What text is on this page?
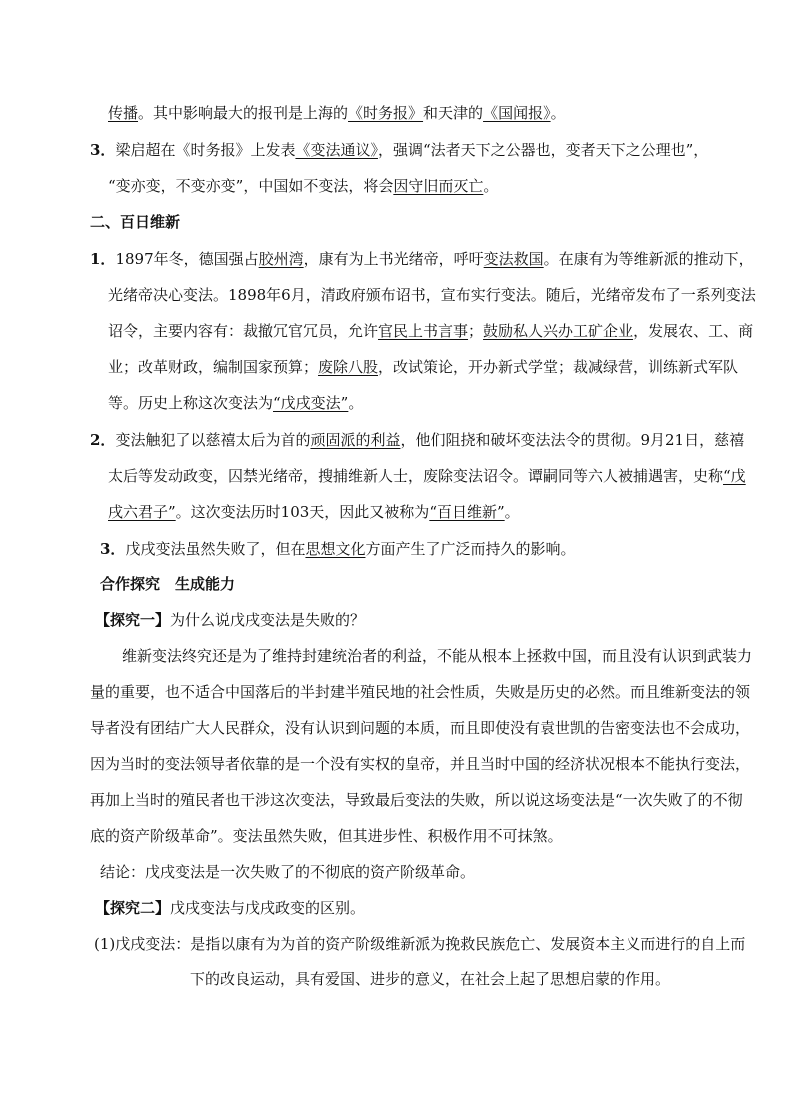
传播。其中影响最大的报刊是上海的《时务报》和天津的《国闻报》。
3．梁启超在《时务报》上发表《变法通议》，强调“法者天下之公器也，变者天下之公理也”，
“变亦变，不变亦变”，中国如不变法，将会因守旧而灭亡。
二、百日维新
1．1897年冬，德国强占胶州湾，康有为上书光绪帝，呼吁变法救国。在康有为等维新派的推动下，
光绪帝决心变法。1898年6月，清政府颁布诏书，宣布实行变法。随后，光绪帝发布了一系列变法
诏令，主要内容有：裁撤冗官冗员，允许官民上书言事；鼓励私人兴办工矿企业，发展农、工、商
业；改革财政，编制国家预算；废除八股，改试策论，开办新式学堂；裁减绿营，训练新式军队
等。历史上称这次变法为“戊戌变法”。
2．变法触犯了以慈禧太后为首的顽固派的利益，他们阻挠和破坏变法法令的贯彻。9月21日，慈禧
太后等发动政变，囚禁光绪帝，搜捕维新人士，废除变法诏令。谭嗣同等六人被捕遇害，史称“戊
戌六君子”。这次变法历时103天，因此又被称为“百日维新”。
3．戊戌变法虽然失败了，但在思想文化方面产生了广泛而持久的影响。
合作探究　生成能力
【探究一】为什么说戊戌变法是失败的？
维新变法终究还是为了维持封建统治者的利益，不能从根本上拯救中国，而且没有认识到武装力
量的重要，也不适合中国落后的半封建半殖民地的社会性质，失败是历史的必然。而且维新变法的领
导者没有团结广大人民群众，没有认识到问题的本质，而且即使没有袁世凯的告密变法也不会成功，
因为当时的变法领导者依靠的是一个没有实权的皇帝，并且当时中国的经济状况根本不能执行变法，
再加上当时的殖民者也干涉这次变法，导致最后变法的失败，所以说这场变法是“一次失败了的不彻
底的资产阶级革命”。变法虽然失败，但其进步性、积极作用不可抹煞。
结论：戊戌变法是一次失败了的不彻底的资产阶级革命。
【探究二】戊戌变法与戊戌政变的区别。
(1)戊戌变法：是指以康有为为首的资产阶级维新派为挽救民族危亡、发展资本主义而进行的自上而
下的改良运动，具有爱国、进步的意义，在社会上起了思想启蒙的作用。
